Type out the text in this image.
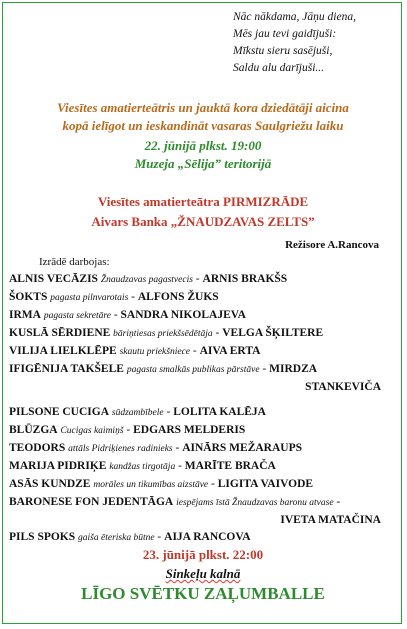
Nāc nākdama, Jāņu diena,
Mēs jau tevi gaidījuši:
Mīkstu sieru sasējuši,
Saldu alu darījuši...
Viesītes amatierteātris un jauktā kora dziedātāji aicina
kopā ielīgot un ieskandināt vasaras Saulgriežu laiku
22. jūnijā plkst. 19:00
Muzeja „Sēlija” teritorijā
Viesītes amatierteātra PIRMIZRĀDE
Aivars Banka „ŽNAUDZAVAS ZELTS”
Režisore A.Rancova
Izrādē darbojas:
ALNIS VECĀZIS Žnaudzavas pagastvecis - ARNIS BRAKŠS
ŠOKTS pagasta pilnvarotais - ALFONS ŽUKS
IRMA pagasta sekretāre - SANDRA NIKOLAJEVA
KUSLĀ SĒRDIENE bāriņtiesas priekšsēdētāja - VELGA ŠĶILTERE
VILIJA LIELKLĒPE skautu priekšniece - AIVA ERTA
IFIGĒNIJA TAKŠELE pagasta smalkās publikas pārstāve - MIRDZA
STANKEVIČA
PILSONE CUCIGA sūdzambībele - LOLITA KALĒJA
BLŪZGA Cucigas kaimiņš - EDGARS MELDERIS
TEODORS attāls Pidriķienes radinieks - AINĀRS MEŽARAUPS
MARIJA PIDRIĶE kandžas tirgotāja - MARĪTE BRAČA
ASĀS KUNDZE morāles un tikumības aizstāve - LIGITA VAIVODE
BARONESE FON JEDENTĀGA iespējams īstā Žnaudzavas baronu atvase -
IVETA MATAČINA
PILS SPOKS gaiša ēteriska būtne - AIJA RANCOVA
23. jūnijā plkst. 22:00
Sinkeļu kalnā
LĪGO SVĒTKU ZAĻUMBALLE
